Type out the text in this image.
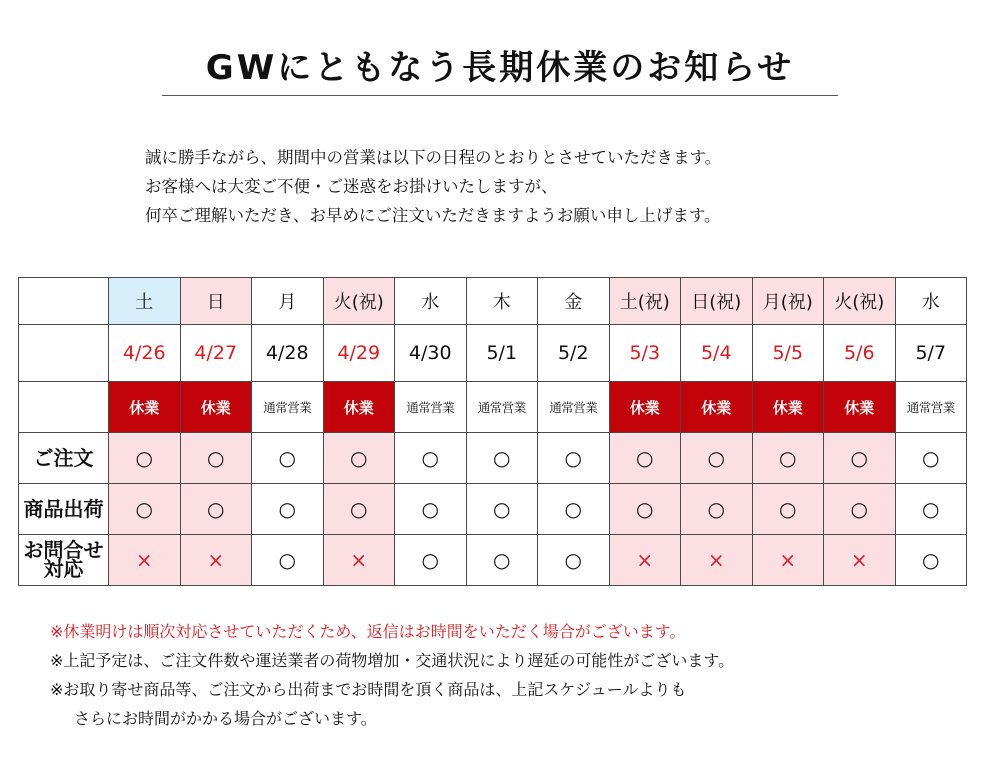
GWにともなう長期休業のお知らせ
誠に勝手ながら、期間中の営業は以下の日程のとおりとさせていただきます。
お客様へは大変ご不便・ご迷惑をお掛けいたしますが、
何卒ご理解いただき、お早めにご注文いただきますようお願い申し上げます。
	土	日	月	火(祝)	水	木	金	土(祝)	日(祝)	月(祝)	火(祝)	水
	4/26	4/27	4/28	4/29	4/30	5/1	5/2	5/3	5/4	5/5	5/6	5/7
	休業	休業	通常営業	休業	通常営業	通常営業	通常営業	休業	休業	休業	休業	通常営業

ご注文	○	○	○	○	○	○	○	○	○	○	○	○

商品出荷	○	○	○	○	○	○	○	○	○	○	○	○

お問合せ
対応	×	×	○	×	○	○	○	×	×	×	×	○
※休業明けは順次対応させていただくため、返信はお時間をいただく場合がございます。
※上記予定は、ご注文件数や運送業者の荷物増加・交通状況により遅延の可能性がございます。
※お取り寄せ商品等、ご注文から出荷までお時間を頂く商品は、上記スケジュールよりも
さらにお時間がかかる場合がございます。
